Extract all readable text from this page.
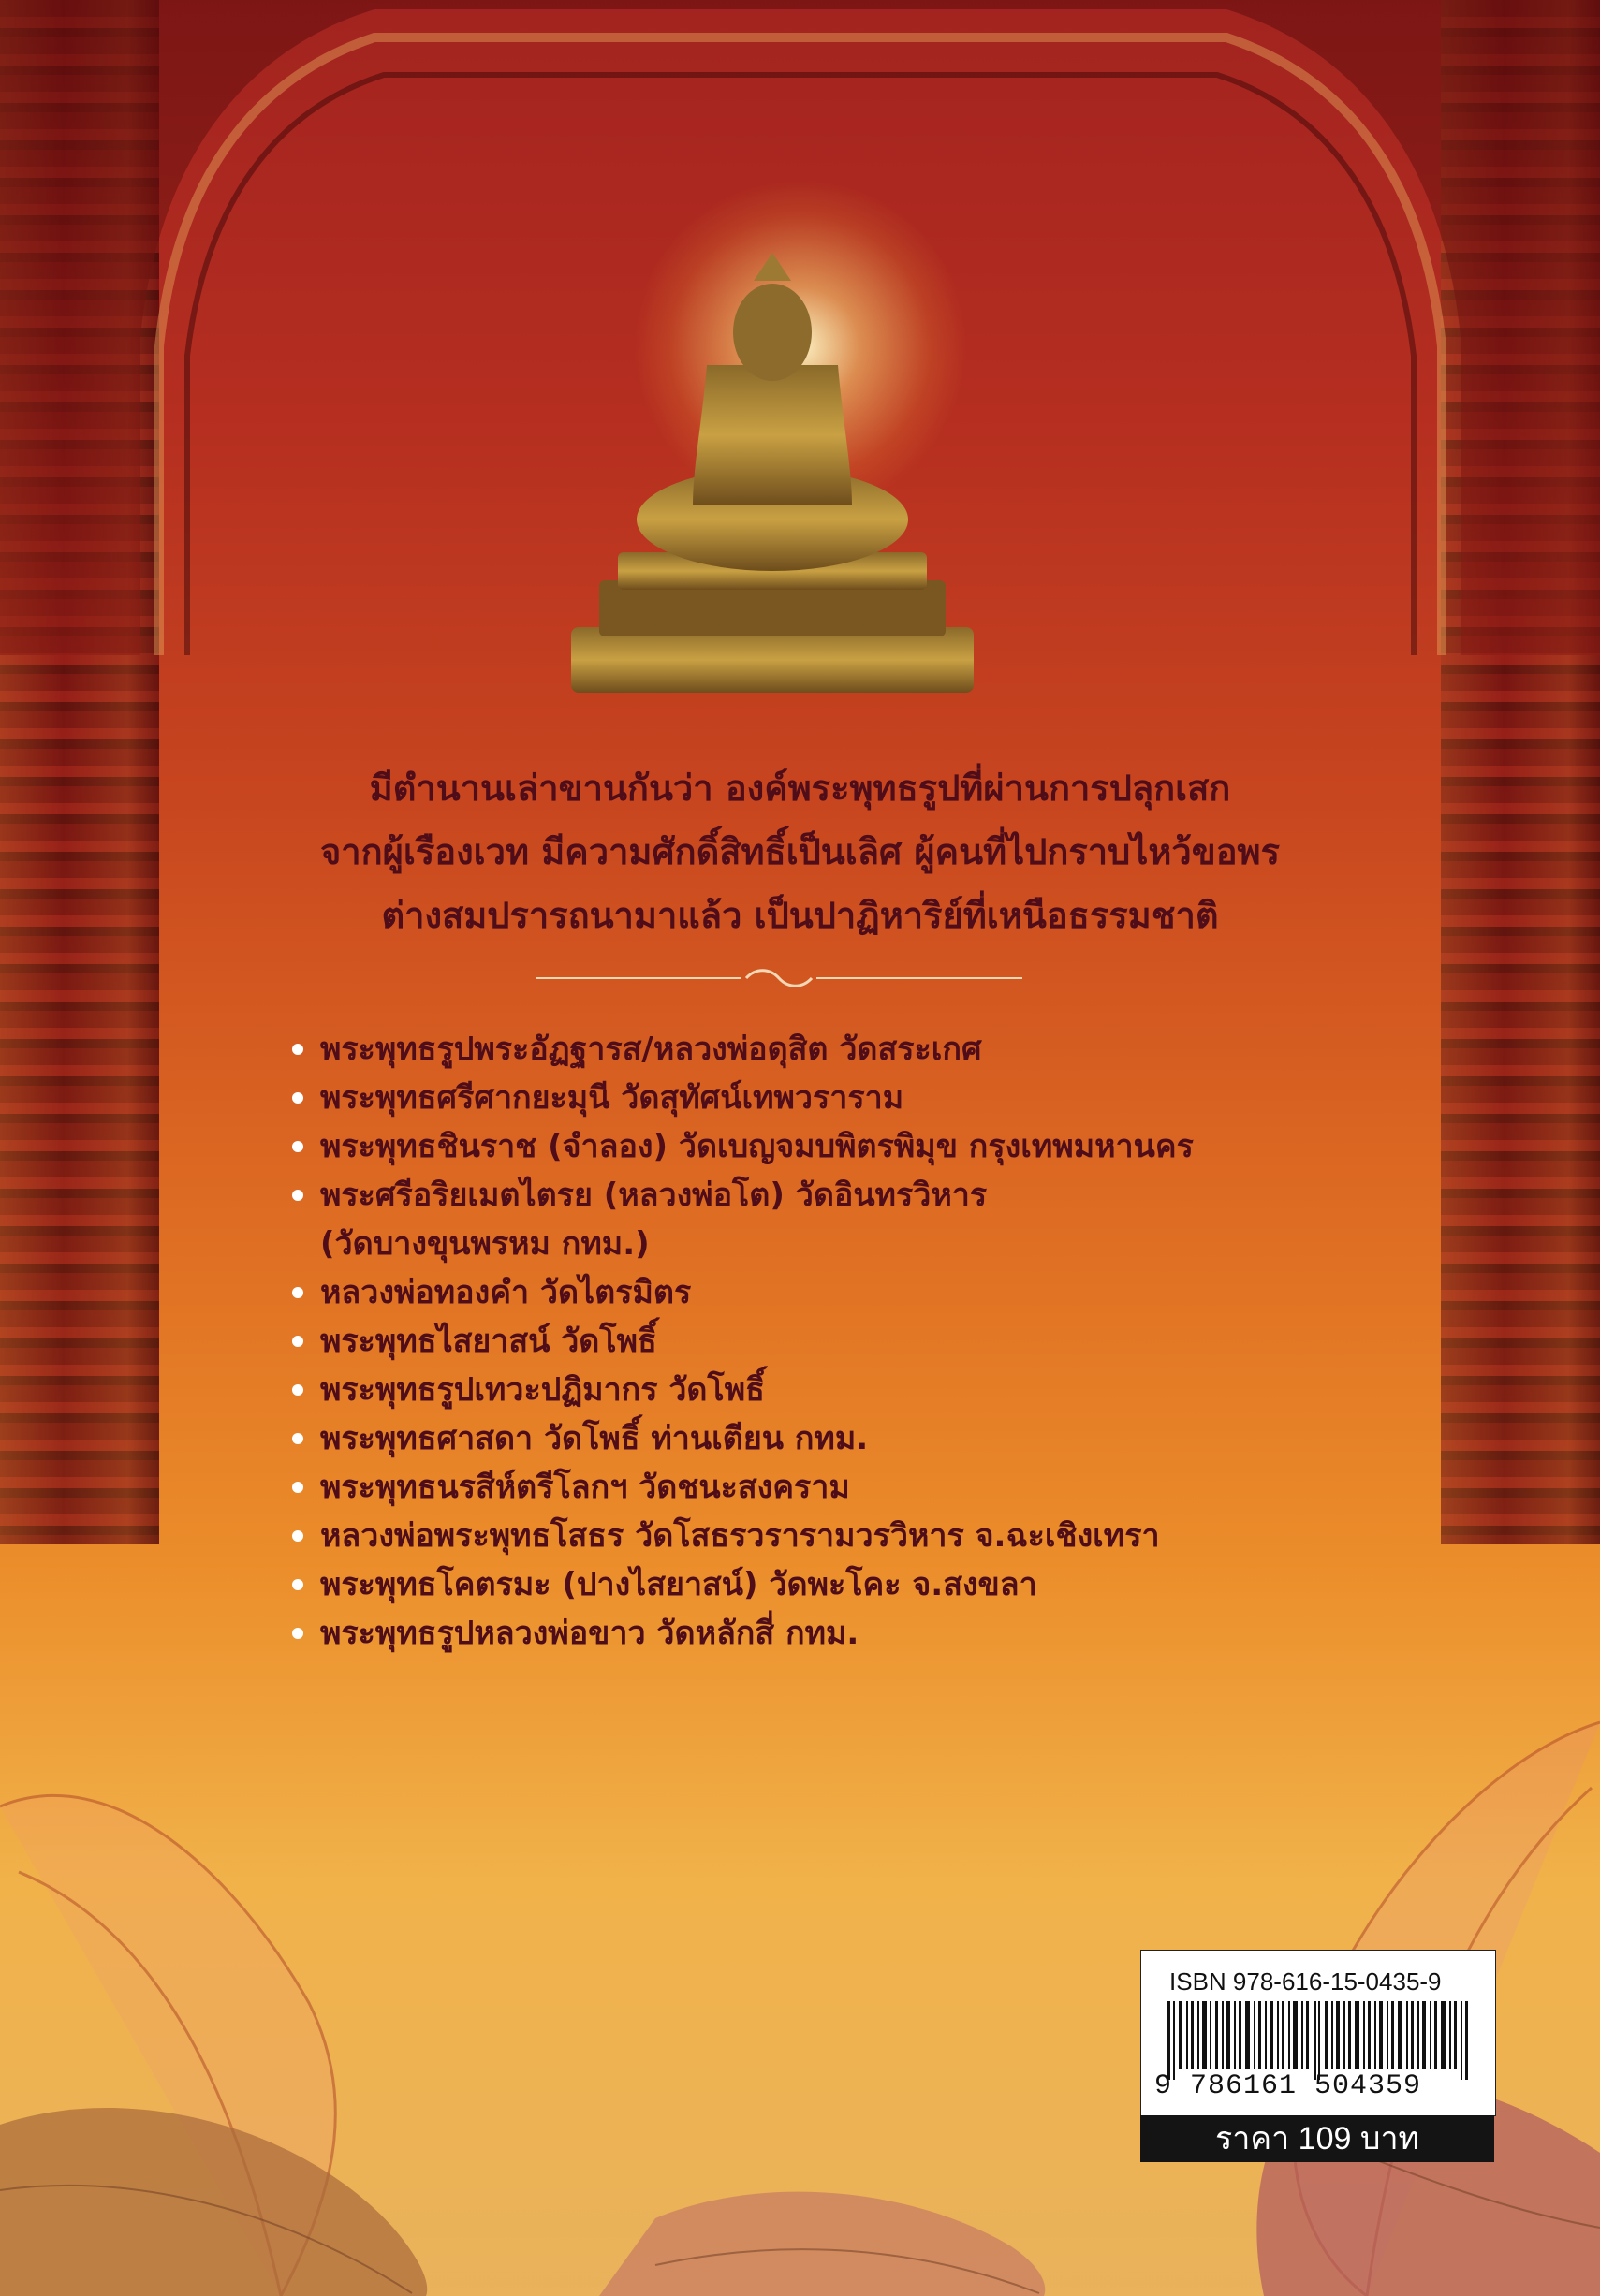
มีตำนานเล่าขานกันว่า องค์พระพุทธรูปที่ผ่านการปลุกเสก
จากผู้เรืองเวท มีความศักดิ์สิทธิ์เป็นเลิศ ผู้คนที่ไปกราบไหว้ขอพร
ต่างสมปรารถนามาแล้ว เป็นปาฏิหาริย์ที่เหนือธรรมชาติ
พระพุทธรูปพระอัฏฐารส/หลวงพ่อดุสิต วัดสระเกศ
พระพุทธศรีศากยะมุนี วัดสุทัศน์เทพวราราม
พระพุทธชินราช (จำลอง) วัดเบญจมบพิตรพิมุข กรุงเทพมหานคร
พระศรีอริยเมตไตรย (หลวงพ่อโต) วัดอินทรวิหาร
(วัดบางขุนพรหม กทม.)
หลวงพ่อทองคำ วัดไตรมิตร
พระพุทธไสยาสน์ วัดโพธิ์
พระพุทธรูปเทวะปฏิมากร วัดโพธิ์
พระพุทธศาสดา วัดโพธิ์ ท่านเตียน กทม.
พระพุทธนรสีห์ตรีโลกฯ วัดชนะสงคราม
หลวงพ่อพระพุทธโสธร วัดโสธรวรารามวรวิหาร จ.ฉะเชิงเทรา
พระพุทธโคตรมะ (ปางไสยาสน์) วัดพะโคะ จ.สงขลา
พระพุทธรูปหลวงพ่อขาว วัดหลักสี่ กทม.
ISBN 978-616-15-0435-9
9 786161 504359
ราคา 109 บาท
